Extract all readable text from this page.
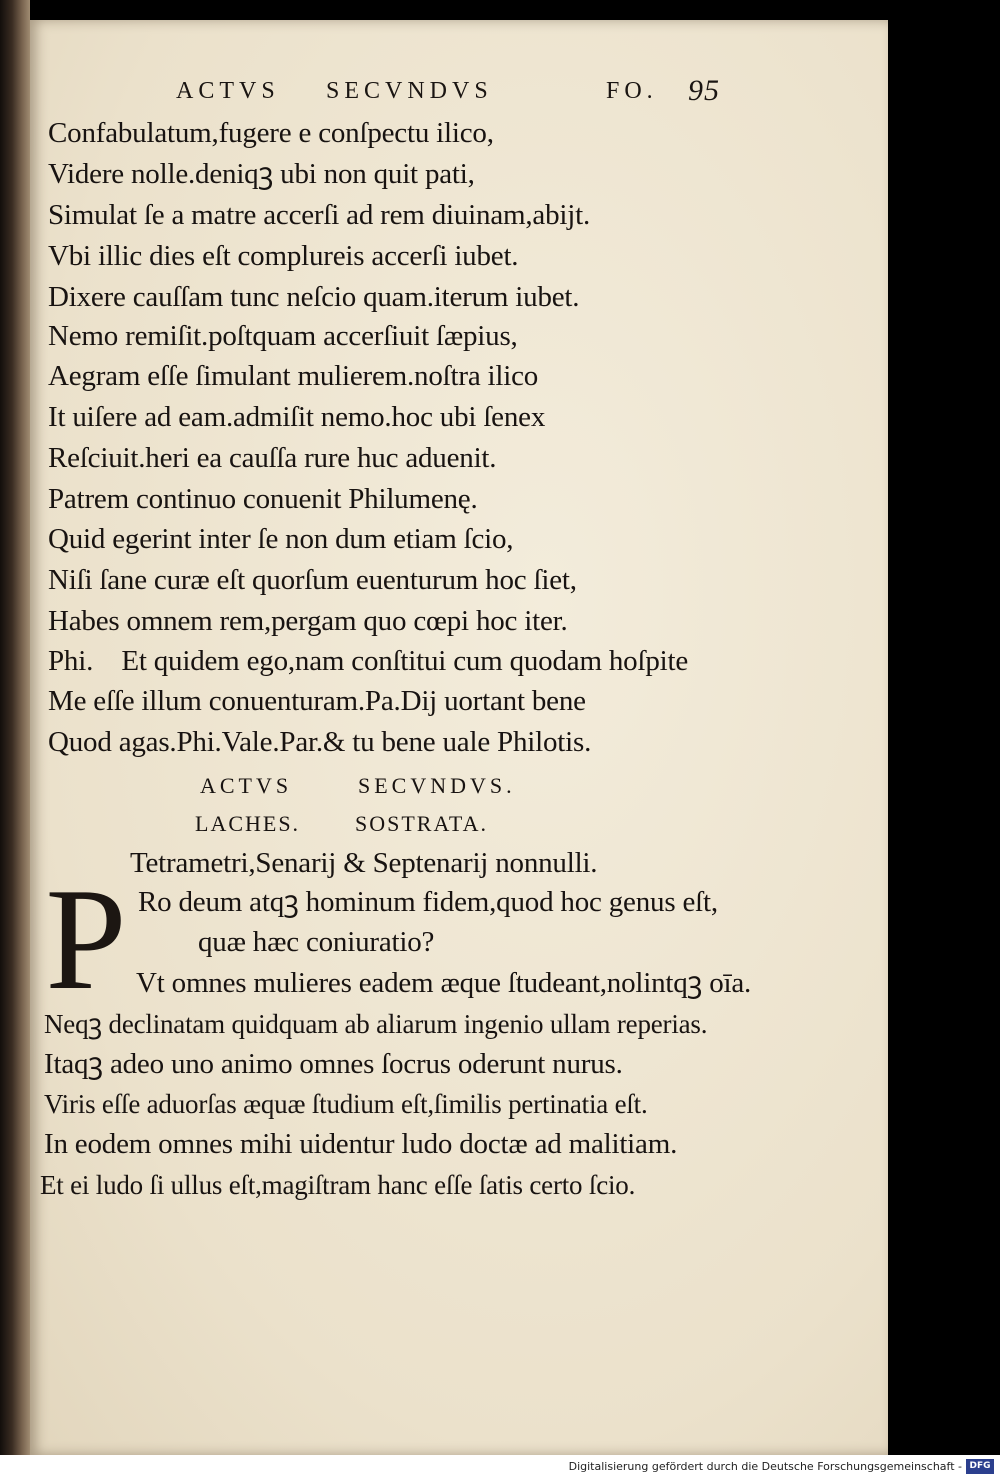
ACTVS SECVNDVS	FO. 95
Confabulatum,fugere e conſpectu ilico,
Videre nolle.deniqꝫ ubi non quit pati,
Simulat ſe a matre accerſi ad rem diuinam,abijt.
Vbi illic dies eſt complureis accerſi iubet.
Dixere cauſſam tunc neſcio quam.iterum iubet.
Nemo remiſit.poſtquam accerſiuit ſæpius,
Aegram eſſe ſimulant mulierem.noſtra ilico
It uiſere ad eam.admiſit nemo.hoc ubi ſenex
Reſciuit.heri ea cauſſa rure huc aduenit.
Patrem continuo conuenit Philumenę.
Quid egerint inter ſe non dum etiam ſcio,
Niſi ſane curæ eſt quorſum euenturum hoc ſiet,
Habes omnem rem,pergam quo cœpi hoc iter.
Phi.    Et quidem ego,nam conſtitui cum quodam hoſpite
Me eſſe illum conuenturam.Pa.Dij uortant bene
Quod agas.Phi.Vale.Par.& tu bene uale Philotis.
ACTVS	SECVNDVS.
LACHES. SOSTRATA.
Tetrametri,Senarij & Septenarij nonnulli.
P Ro deum atqꝫ hominum fidem,quod hoc genus eſt,
quæ hæc coniuratio?
Vt omnes mulieres eadem æque ſtudeant,nolintqꝫ oīa.
Neqꝫ declinatam quidquam ab aliarum ingenio ullam reperias.
Itaqꝫ adeo uno animo omnes ſocrus oderunt nurus.
Viris eſſe aduorſas æquæ ſtudium eſt,ſimilis pertinatia eſt.
In eodem omnes mihi uidentur ludo doctæ ad malitiam.
Et ei ludo ſi ullus eſt,magiſtram hanc eſſe ſatis certo ſcio.
Digitalisierung gefördert durch die Deutsche Forschungsgemeinschaft - DFG
